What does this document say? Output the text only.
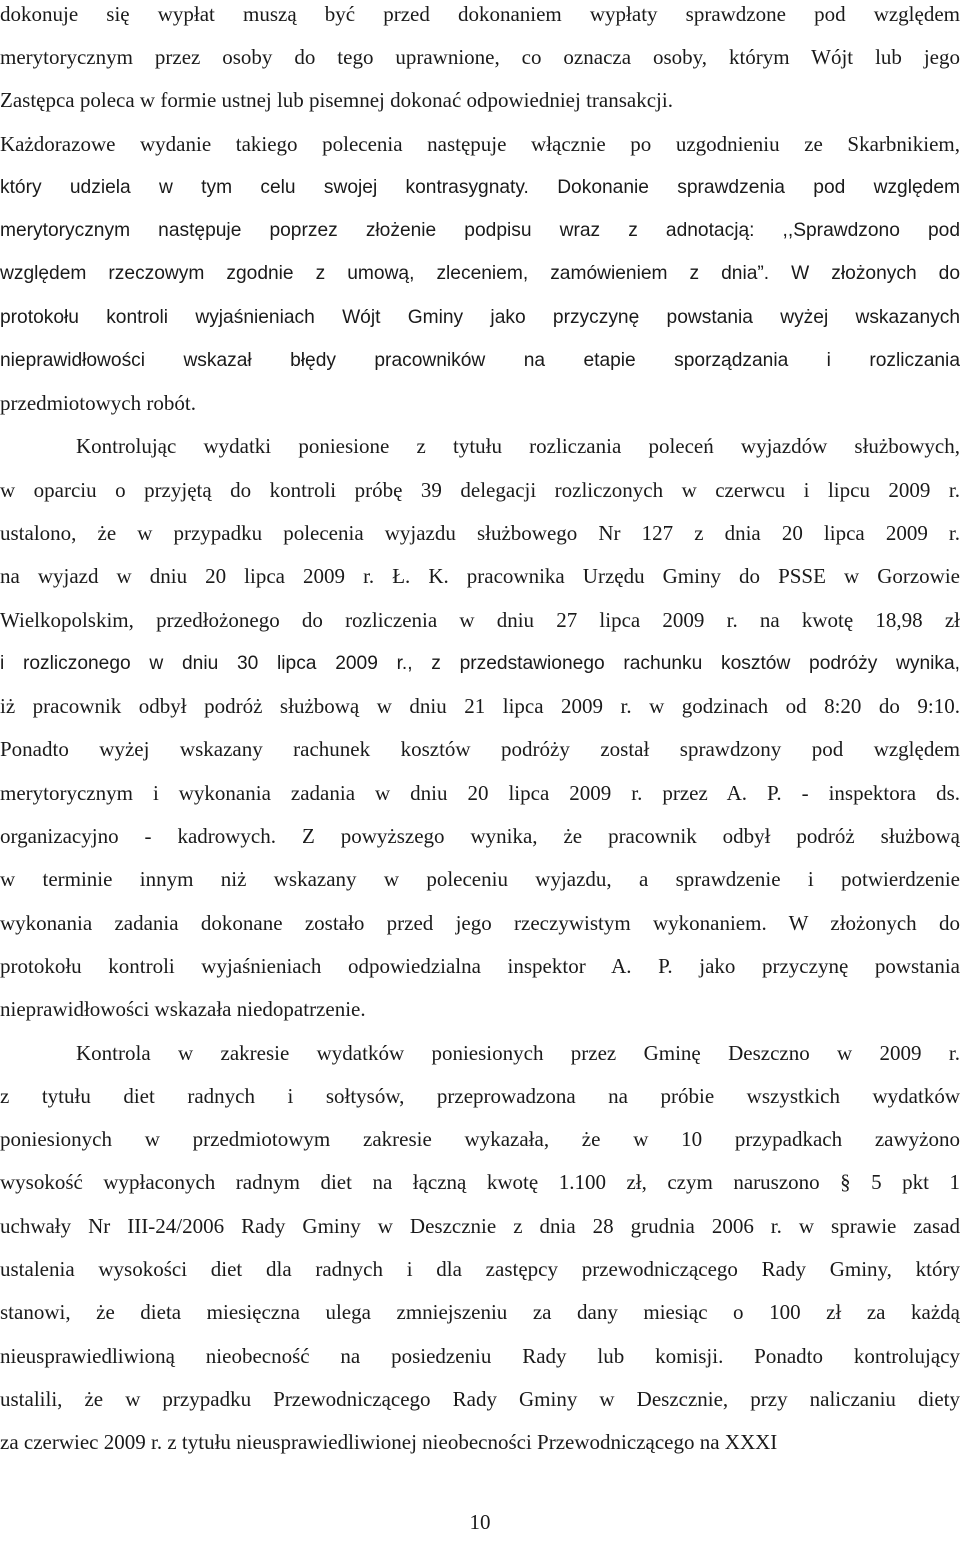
dokonuje się wypłat muszą być przed dokonaniem wypłaty sprawdzone pod względem
merytorycznym przez osoby do tego uprawnione, co oznacza osoby, którym Wójt lub jego
Zastępca poleca w formie ustnej lub pisemnej dokonać odpowiedniej transakcji.
Każdorazowe wydanie takiego polecenia następuje włącznie po uzgodnieniu ze Skarbnikiem,
który udziela w tym celu swojej kontrasygnaty. Dokonanie sprawdzenia pod względem
merytorycznym następuje poprzez złożenie podpisu wraz z adnotacją: ,,Sprawdzono pod
względem rzeczowym zgodnie z umową, zleceniem, zamówieniem z dnia”. W złożonych do
protokołu kontroli wyjaśnieniach Wójt Gminy jako przyczynę powstania wyżej wskazanych
nieprawidłowości wskazał błędy pracowników na etapie sporządzania i rozliczania
przedmiotowych robót.
Kontrolując wydatki poniesione z tytułu rozliczania poleceń wyjazdów służbowych,
w oparciu o przyjętą do kontroli próbę 39 delegacji rozliczonych w czerwcu i lipcu 2009 r.
ustalono, że w przypadku polecenia wyjazdu służbowego Nr 127 z dnia 20 lipca 2009 r.
na wyjazd w dniu 20 lipca 2009 r. Ł. K. pracownika Urzędu Gminy do PSSE w Gorzowie
Wielkopolskim, przedłożonego do rozliczenia w dniu 27 lipca 2009 r. na kwotę 18,98 zł
i rozliczonego w dniu 30 lipca 2009 r., z przedstawionego rachunku kosztów podróży wynika,
iż pracownik odbył podróż służbową w dniu 21 lipca 2009 r. w godzinach od 8:20 do 9:10.
Ponadto wyżej wskazany rachunek kosztów podróży został sprawdzony pod względem
merytorycznym i wykonania zadania w dniu 20 lipca 2009 r. przez A. P. - inspektora ds.
organizacyjno - kadrowych. Z powyższego wynika, że pracownik odbył podróż służbową
w terminie innym niż wskazany w poleceniu wyjazdu, a sprawdzenie i potwierdzenie
wykonania zadania dokonane zostało przed jego rzeczywistym wykonaniem. W złożonych do
protokołu kontroli wyjaśnieniach odpowiedzialna inspektor A. P. jako przyczynę powstania
nieprawidłowości wskazała niedopatrzenie.
Kontrola w zakresie wydatków poniesionych przez Gminę Deszczno w 2009 r.
z tytułu diet radnych i sołtysów, przeprowadzona na próbie wszystkich wydatków
poniesionych w przedmiotowym zakresie wykazała, że w 10 przypadkach zawyżono
wysokość wypłaconych radnym diet na łączną kwotę 1.100 zł, czym naruszono § 5 pkt 1
uchwały Nr III-24/2006 Rady Gminy w Deszcznie z dnia 28 grudnia 2006 r. w sprawie zasad
ustalenia wysokości diet dla radnych i dla zastępcy przewodniczącego Rady Gminy, który
stanowi, że dieta miesięczna ulega zmniejszeniu za dany miesiąc o 100 zł za każdą
nieusprawiedliwioną nieobecność na posiedzeniu Rady lub komisji. Ponadto kontrolujący
ustalili, że w przypadku Przewodniczącego Rady Gminy w Deszcznie, przy naliczaniu diety
za czerwiec 2009 r. z tytułu nieusprawiedliwionej nieobecności Przewodniczącego na XXXI
10
